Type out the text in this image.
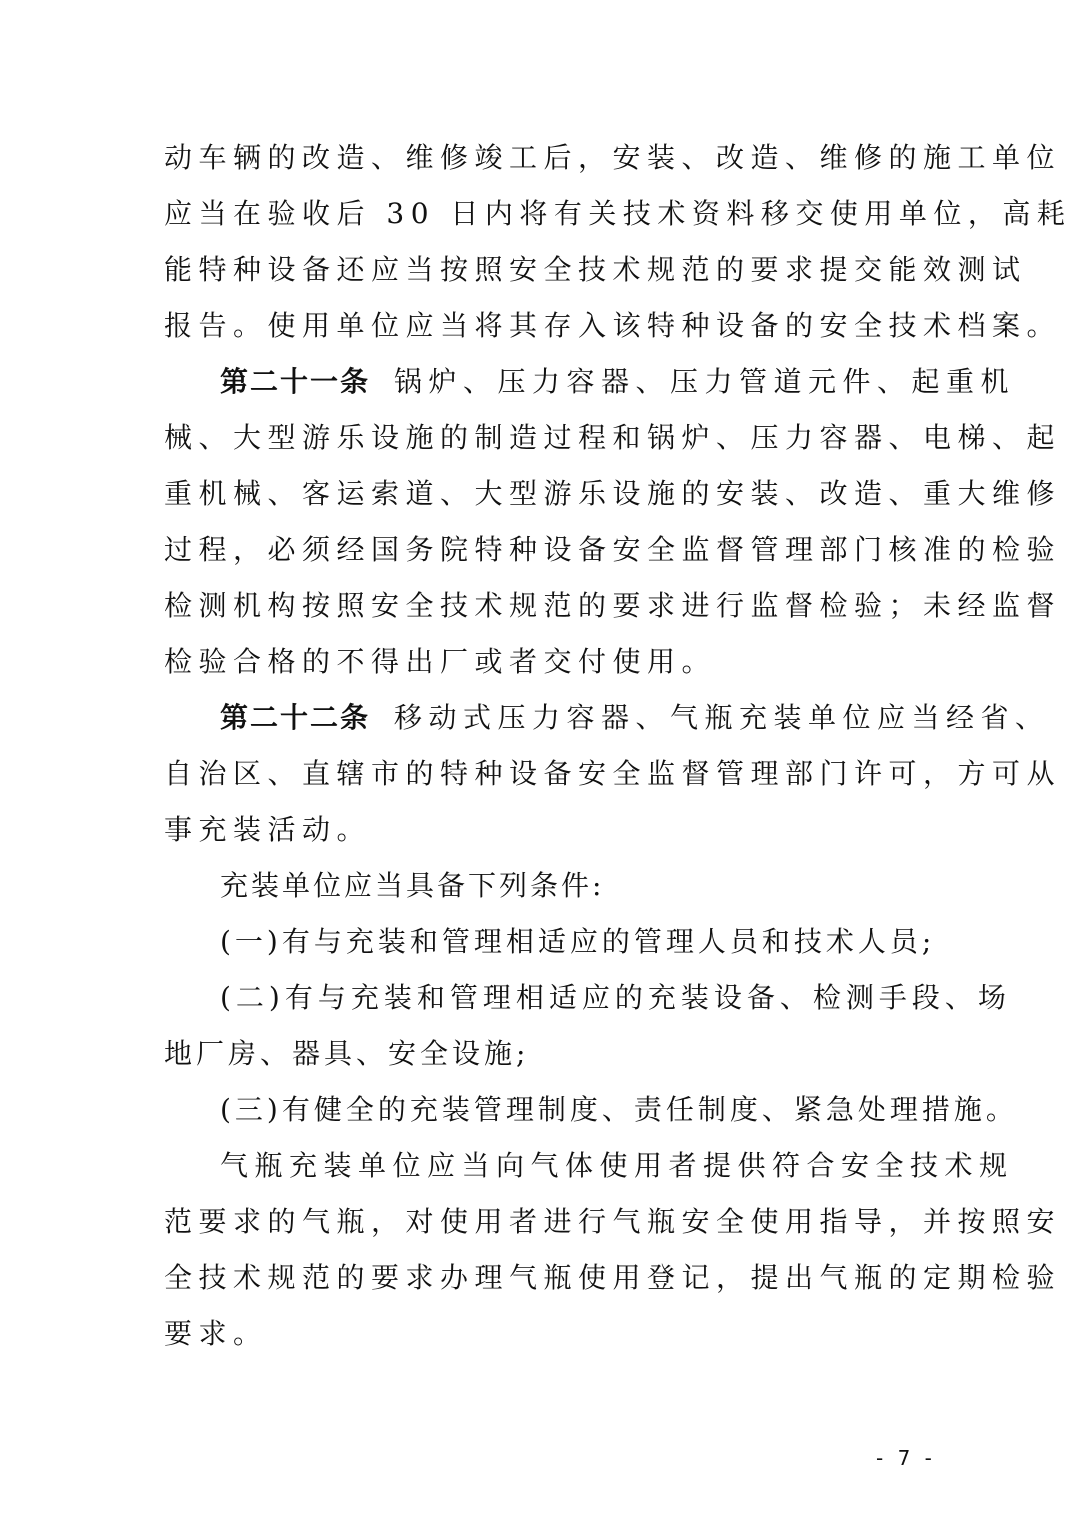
动车辆的改造、维修竣工后，安装、改造、维修的施工单位
应当在验收后 30 日内将有关技术资料移交使用单位，高耗
能特种设备还应当按照安全技术规范的要求提交能效测试
报告。使用单位应当将其存入该特种设备的安全技术档案。
第二十一条 锅炉、压力容器、压力管道元件、起重机
械、大型游乐设施的制造过程和锅炉、压力容器、电梯、起
重机械、客运索道、大型游乐设施的安装、改造、重大维修
过程，必须经国务院特种设备安全监督管理部门核准的检验
检测机构按照安全技术规范的要求进行监督检验；未经监督
检验合格的不得出厂或者交付使用。
第二十二条 移动式压力容器、气瓶充装单位应当经省、
自治区、直辖市的特种设备安全监督管理部门许可，方可从
事充装活动。
充装单位应当具备下列条件:
(一)有与充装和管理相适应的管理人员和技术人员;
(二)有与充装和管理相适应的充装设备、检测手段、场
地厂房、器具、安全设施;
(三)有健全的充装管理制度、责任制度、紧急处理措施。
气瓶充装单位应当向气体使用者提供符合安全技术规
范要求的气瓶，对使用者进行气瓶安全使用指导，并按照安
全技术规范的要求办理气瓶使用登记，提出气瓶的定期检验
要求。
- 7 -
